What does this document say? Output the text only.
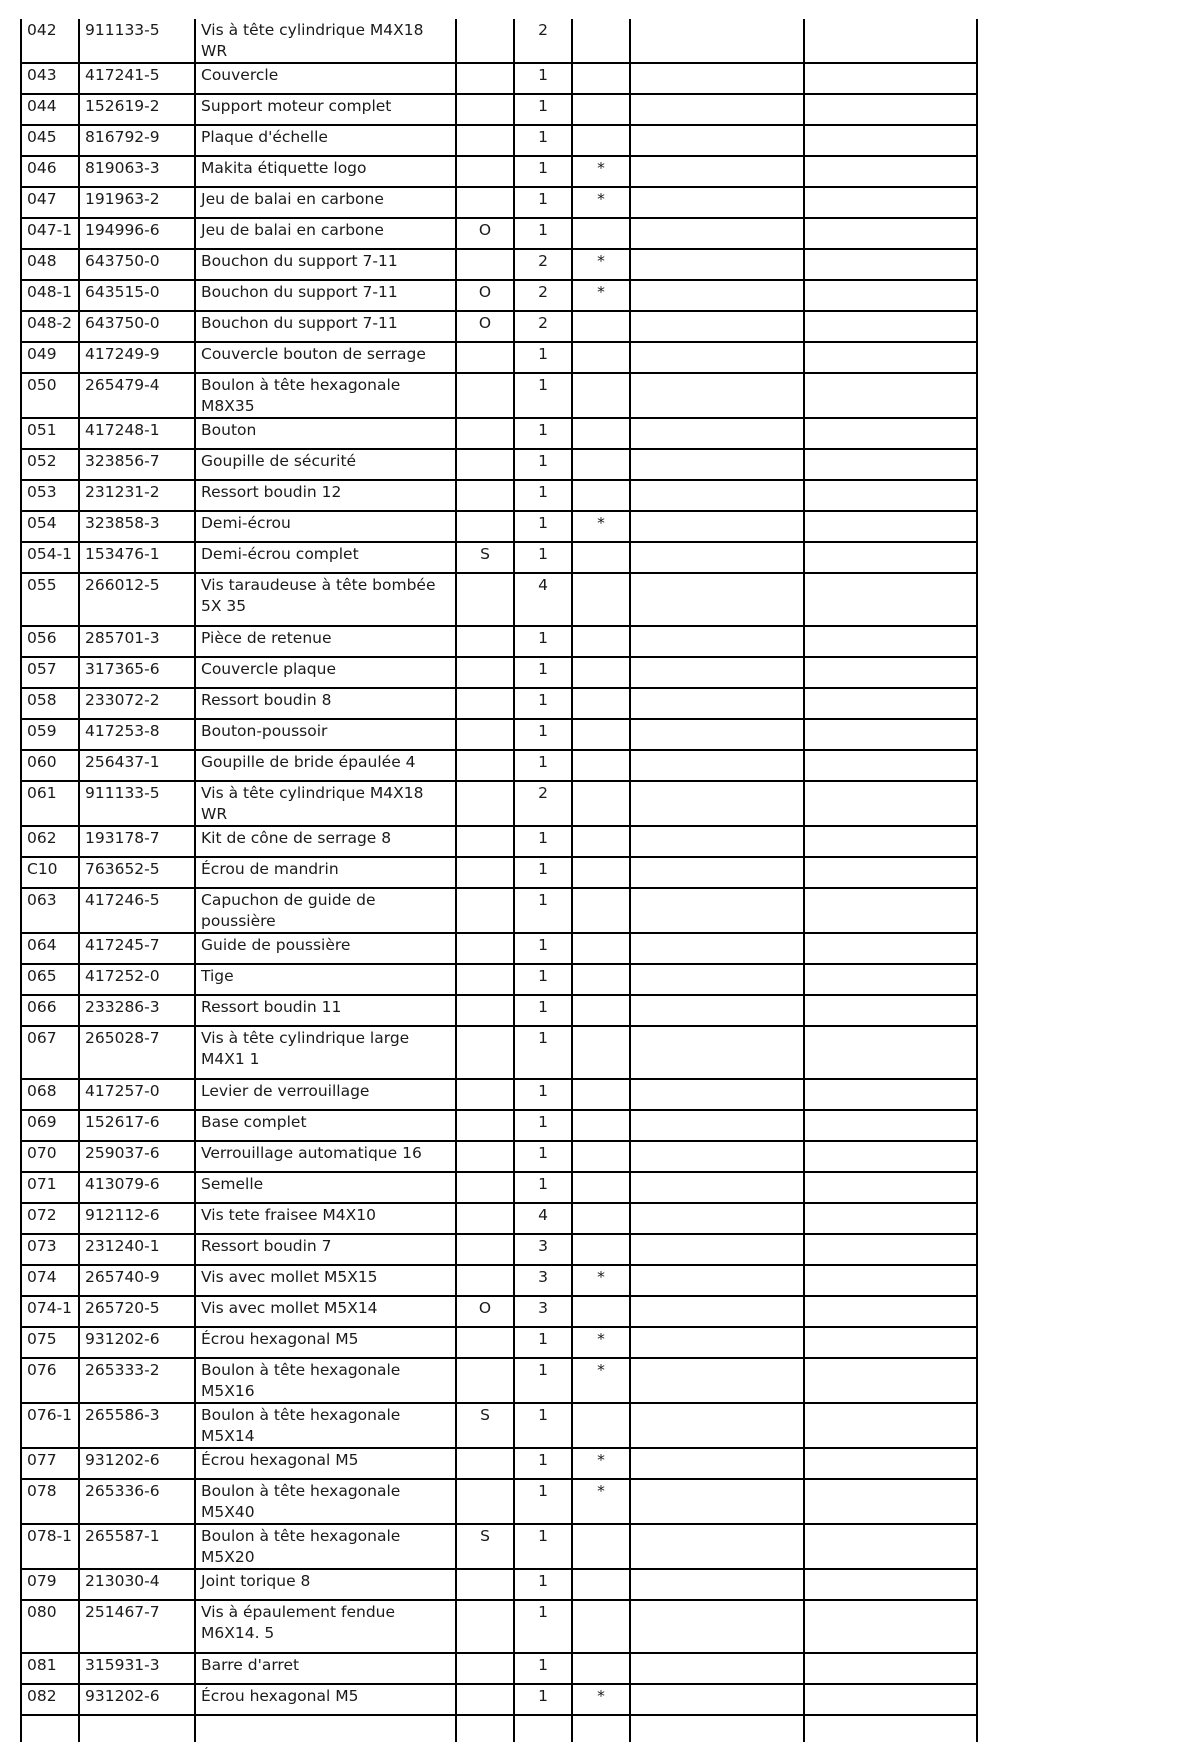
042	911133-5	Vis à tête cylindrique M4X18 WR		2			
043	417241-5	Couvercle		1			
044	152619-2	Support moteur complet		1			
045	816792-9	Plaque d'échelle		1			
046	819063-3	Makita étiquette logo		1	*		
047	191963-2	Jeu de balai en carbone		1	*		
047-1	194996-6	Jeu de balai en carbone	O	1			
048	643750-0	Bouchon du support 7-11		2	*		
048-1	643515-0	Bouchon du support 7-11	O	2	*		
048-2	643750-0	Bouchon du support 7-11	O	2			
049	417249-9	Couvercle bouton de serrage		1			
050	265479-4	Boulon à tête hexagonale M8X35		1			
051	417248-1	Bouton		1			
052	323856-7	Goupille de sécurité		1			
053	231231-2	Ressort boudin 12		1			
054	323858-3	Demi-écrou		1	*		
054-1	153476-1	Demi-écrou complet	S	1			
055	266012-5	Vis taraudeuse à tête bombée 5X 35		4			
056	285701-3	Pièce de retenue		1			
057	317365-6	Couvercle plaque		1			
058	233072-2	Ressort boudin 8		1			
059	417253-8	Bouton-poussoir		1			
060	256437-1	Goupille de bride épaulée 4		1			
061	911133-5	Vis à tête cylindrique M4X18 WR		2			
062	193178-7	Kit de cône de serrage 8		1			
C10	763652-5	Écrou de mandrin		1			
063	417246-5	Capuchon de guide de poussière		1			
064	417245-7	Guide de poussière		1			
065	417252-0	Tige		1			
066	233286-3	Ressort boudin 11		1			
067	265028-7	Vis à tête cylindrique large M4X1 1		1			
068	417257-0	Levier de verrouillage		1			
069	152617-6	Base complet		1			
070	259037-6	Verrouillage automatique 16		1			
071	413079-6	Semelle		1			
072	912112-6	Vis tete fraisee M4X10		4			
073	231240-1	Ressort boudin 7		3			
074	265740-9	Vis avec mollet M5X15		3	*		
074-1	265720-5	Vis avec mollet M5X14	O	3			
075	931202-6	Écrou hexagonal M5		1	*		
076	265333-2	Boulon à tête hexagonale M5X16		1	*		
076-1	265586-3	Boulon à tête hexagonale M5X14	S	1			
077	931202-6	Écrou hexagonal M5		1	*		
078	265336-6	Boulon à tête hexagonale M5X40		1	*		
078-1	265587-1	Boulon à tête hexagonale M5X20	S	1			
079	213030-4	Joint torique 8		1			
080	251467-7	Vis à épaulement fendue M6X14. 5		1			
081	315931-3	Barre d'arret		1			
082	931202-6	Écrou hexagonal M5		1	*		
